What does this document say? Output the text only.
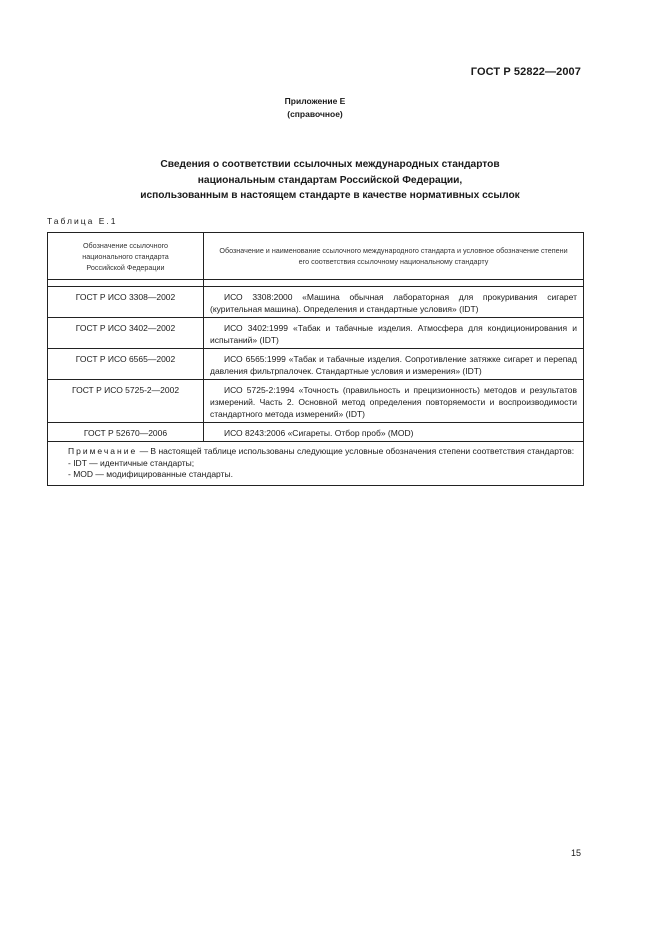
ГОСТ Р 52822—2007
Приложение Е
(справочное)
Сведения о соответствии ссылочных международных стандартов
национальным стандартам Российской Федерации,
использованным в настоящем стандарте в качестве нормативных ссылок
Таблица Е.1
Обозначение ссылочного национального стандарта Российской Федерации	Обозначение и наименование ссылочного международного стандарта и условное обозначение степени его соответствия ссылочному национальному стандарту

ГОСТ Р ИСО 3308—2002	ИСО 3308:2000 «Машина обычная лабораторная для прокуривания сигарет (курительная машина). Определения и стандартные условия» (IDT)
ГОСТ Р ИСО 3402—2002	ИСО 3402:1999 «Табак и табачные изделия. Атмосфера для кондиционирования и испытаний» (IDT)
ГОСТ Р ИСО 6565—2002	ИСО 6565:1999 «Табак и табачные изделия. Сопротивление затяжке сигарет и перепад давления фильтрпалочек. Стандартные условия и измерения» (IDT)
ГОСТ Р ИСО 5725-2—2002	ИСО 5725-2:1994 «Точность (правильность и прецизионность) методов и результатов измерений. Часть 2. Основной метод определения повторяемости и воспроизводимости стандартного метода измерений» (IDT)
ГОСТ Р 52670—2006	ИСО 8243:2006 «Сигареты. Отбор проб» (MOD)

Примечание — В настоящей таблице использованы следующие условные обозначения степени соответствия стандартов:
- IDT — идентичные стандарты;
- MOD — модифицированные стандарты.	
15
